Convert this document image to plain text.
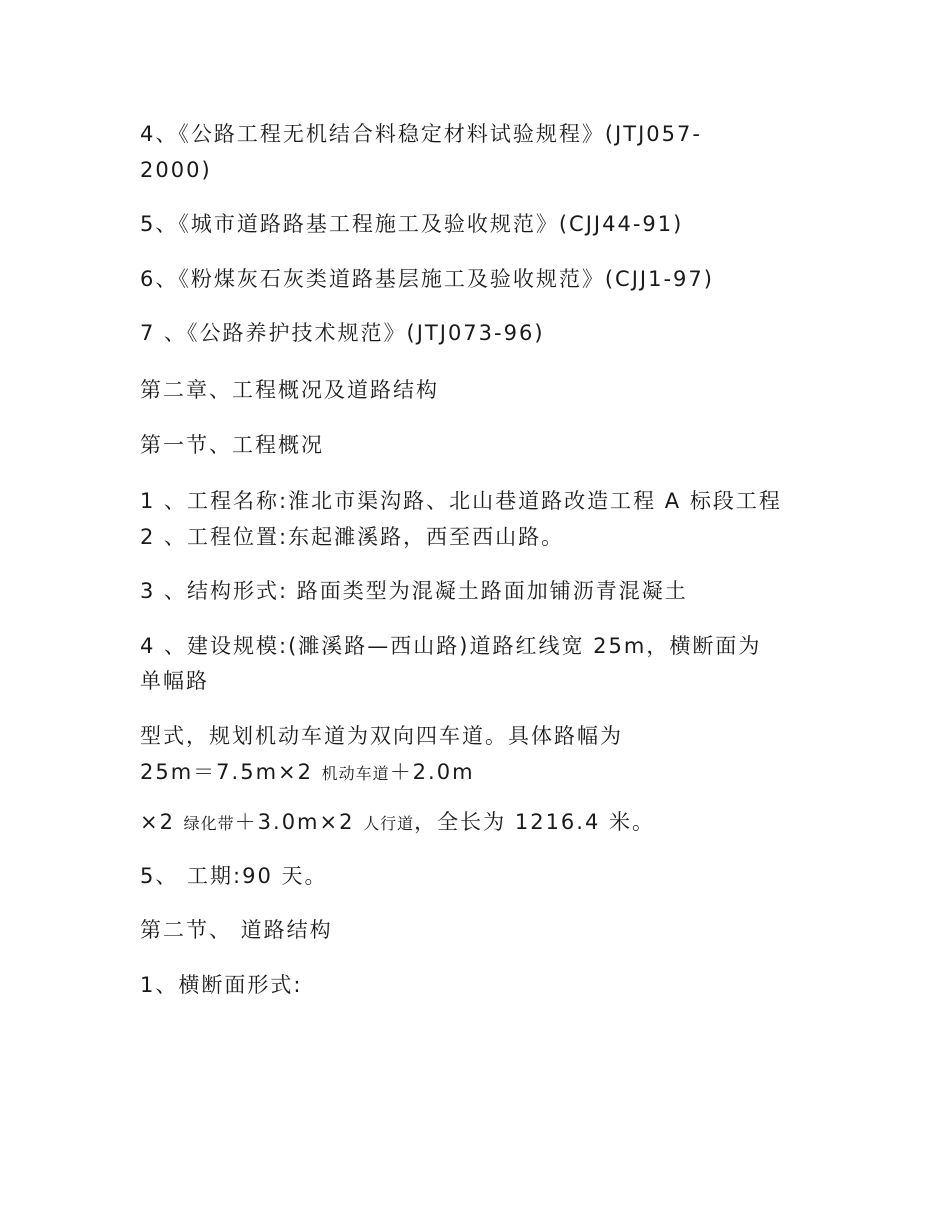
4、《公路工程无机结合料稳定材料试验规程》(JTJ057-
2000)
5、《城市道路路基工程施工及验收规范》(CJJ44-91)
6、《粉煤灰石灰类道路基层施工及验收规范》(CJJ1-97)
7 、《公路养护技术规范》(JTJ073-96)
第二章、工程概况及道路结构
第一节、工程概况
1 、工程名称:淮北市渠沟路、北山巷道路改造工程 A 标段工程
2 、工程位置:东起濉溪路，西至西山路。
3 、结构形式: 路面类型为混凝土路面加铺沥青混凝土
4 、建设规模:(濉溪路—西山路)道路红线宽 25m，横断面为
单幅路
型式，规划机动车道为双向四车道。具体路幅为
25m＝7.5m×2 机动车道＋2.0m
×2 绿化带＋3.0m×2 人行道，全长为 1216.4 米。
5、 工期:90 天。
第二节、 道路结构
1、横断面形式:
